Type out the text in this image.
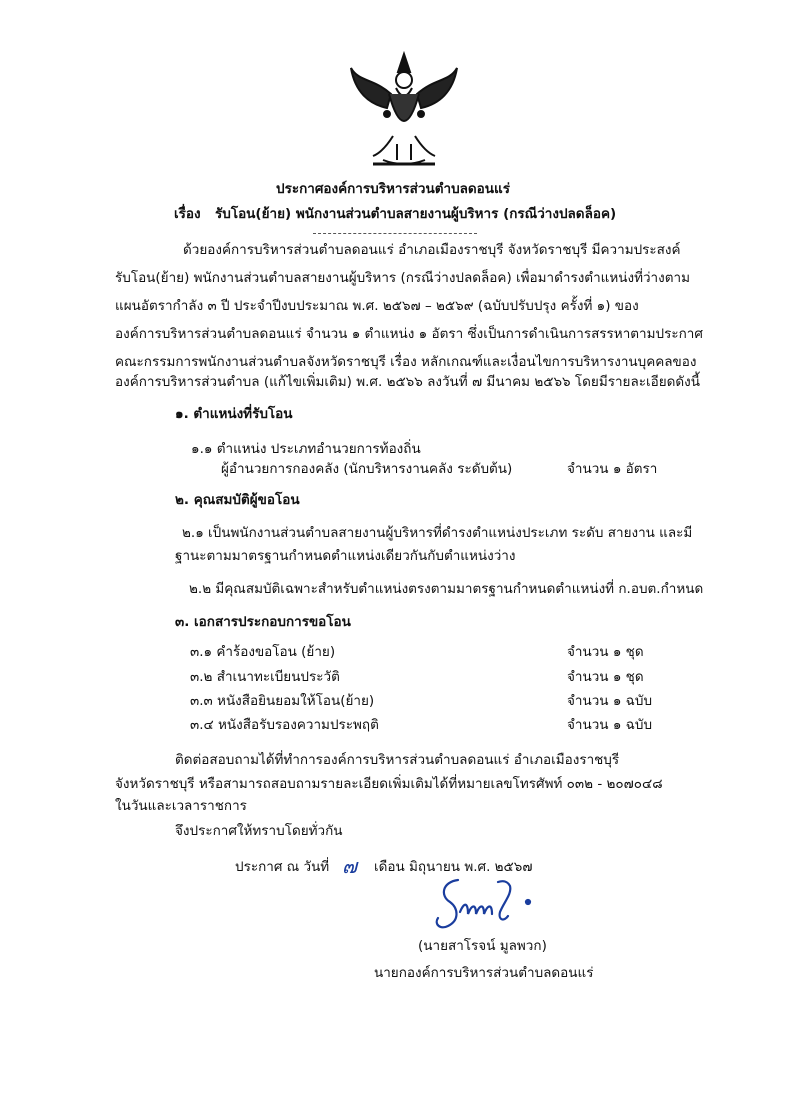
ประกาศองค์การบริหารส่วนตำบลดอนแร่
เรื่อง รับโอน(ย้าย) พนักงานส่วนตำบลสายงานผู้บริหาร (กรณีว่างปลดล็อค)
ด้วยองค์การบริหารส่วนตำบลดอนแร่ อำเภอเมืองราชบุรี จังหวัดราชบุรี มีความประสงค์
รับโอน(ย้าย) พนักงานส่วนตำบลสายงานผู้บริหาร (กรณีว่างปลดล็อค) เพื่อมาดำรงตำแหน่งที่ว่างตาม
แผนอัตรากำลัง ๓ ปี ประจำปีงบประมาณ พ.ศ. ๒๕๖๗ – ๒๕๖๙ (ฉบับปรับปรุง ครั้งที่ ๑) ของ
องค์การบริหารส่วนตำบลดอนแร่ จำนวน ๑ ตำแหน่ง ๑ อัตรา ซึ่งเป็นการดำเนินการสรรหาตามประกาศ
คณะกรรมการพนักงานส่วนตำบลจังหวัดราชบุรี เรื่อง หลักเกณฑ์และเงื่อนไขการบริหารงานบุคคลของ
องค์การบริหารส่วนตำบล (แก้ไขเพิ่มเติม) พ.ศ. ๒๕๖๖ ลงวันที่ ๗ มีนาคม ๒๕๖๖ โดยมีรายละเอียดดังนี้
๑. ตำแหน่งที่รับโอน
๑.๑ ตำแหน่ง ประเภทอำนวยการท้องถิ่น
ผู้อำนวยการกองคลัง (นักบริหารงานคลัง ระดับต้น)	จำนวน ๑ อัตรา
๒. คุณสมบัติผู้ขอโอน
๒.๑ เป็นพนักงานส่วนตำบลสายงานผู้บริหารที่ดำรงตำแหน่งประเภท ระดับ สายงาน และมี
ฐานะตามมาตรฐานกำหนดตำแหน่งเดียวกันกับตำแหน่งว่าง
๒.๒ มีคุณสมบัติเฉพาะสำหรับตำแหน่งตรงตามมาตรฐานกำหนดตำแหน่งที่ ก.อบต.กำหนด
๓. เอกสารประกอบการขอโอน
๓.๑ คำร้องขอโอน (ย้าย)	จำนวน ๑ ชุด
๓.๒ สำเนาทะเบียนประวัติ	จำนวน ๑ ชุด
๓.๓ หนังสือยินยอมให้โอน(ย้าย)	จำนวน ๑ ฉบับ
๓.๔ หนังสือรับรองความประพฤติ	จำนวน ๑ ฉบับ
ติดต่อสอบถามได้ที่ทำการองค์การบริหารส่วนตำบลดอนแร่ อำเภอเมืองราชบุรี
จังหวัดราชบุรี หรือสามารถสอบถามรายละเอียดเพิ่มเติมได้ที่หมายเลขโทรศัพท์ ๐๓๒ - ๒๐๗๐๔๘
ในวันและเวลาราชการ
จึงประกาศให้ทราบโดยทั่วกัน
ประกาศ ณ วันที่ ๗ เดือน มิถุนายน พ.ศ. ๒๕๖๗
(นายสาโรจน์ มูลพวก)
นายกองค์การบริหารส่วนตำบลดอนแร่
